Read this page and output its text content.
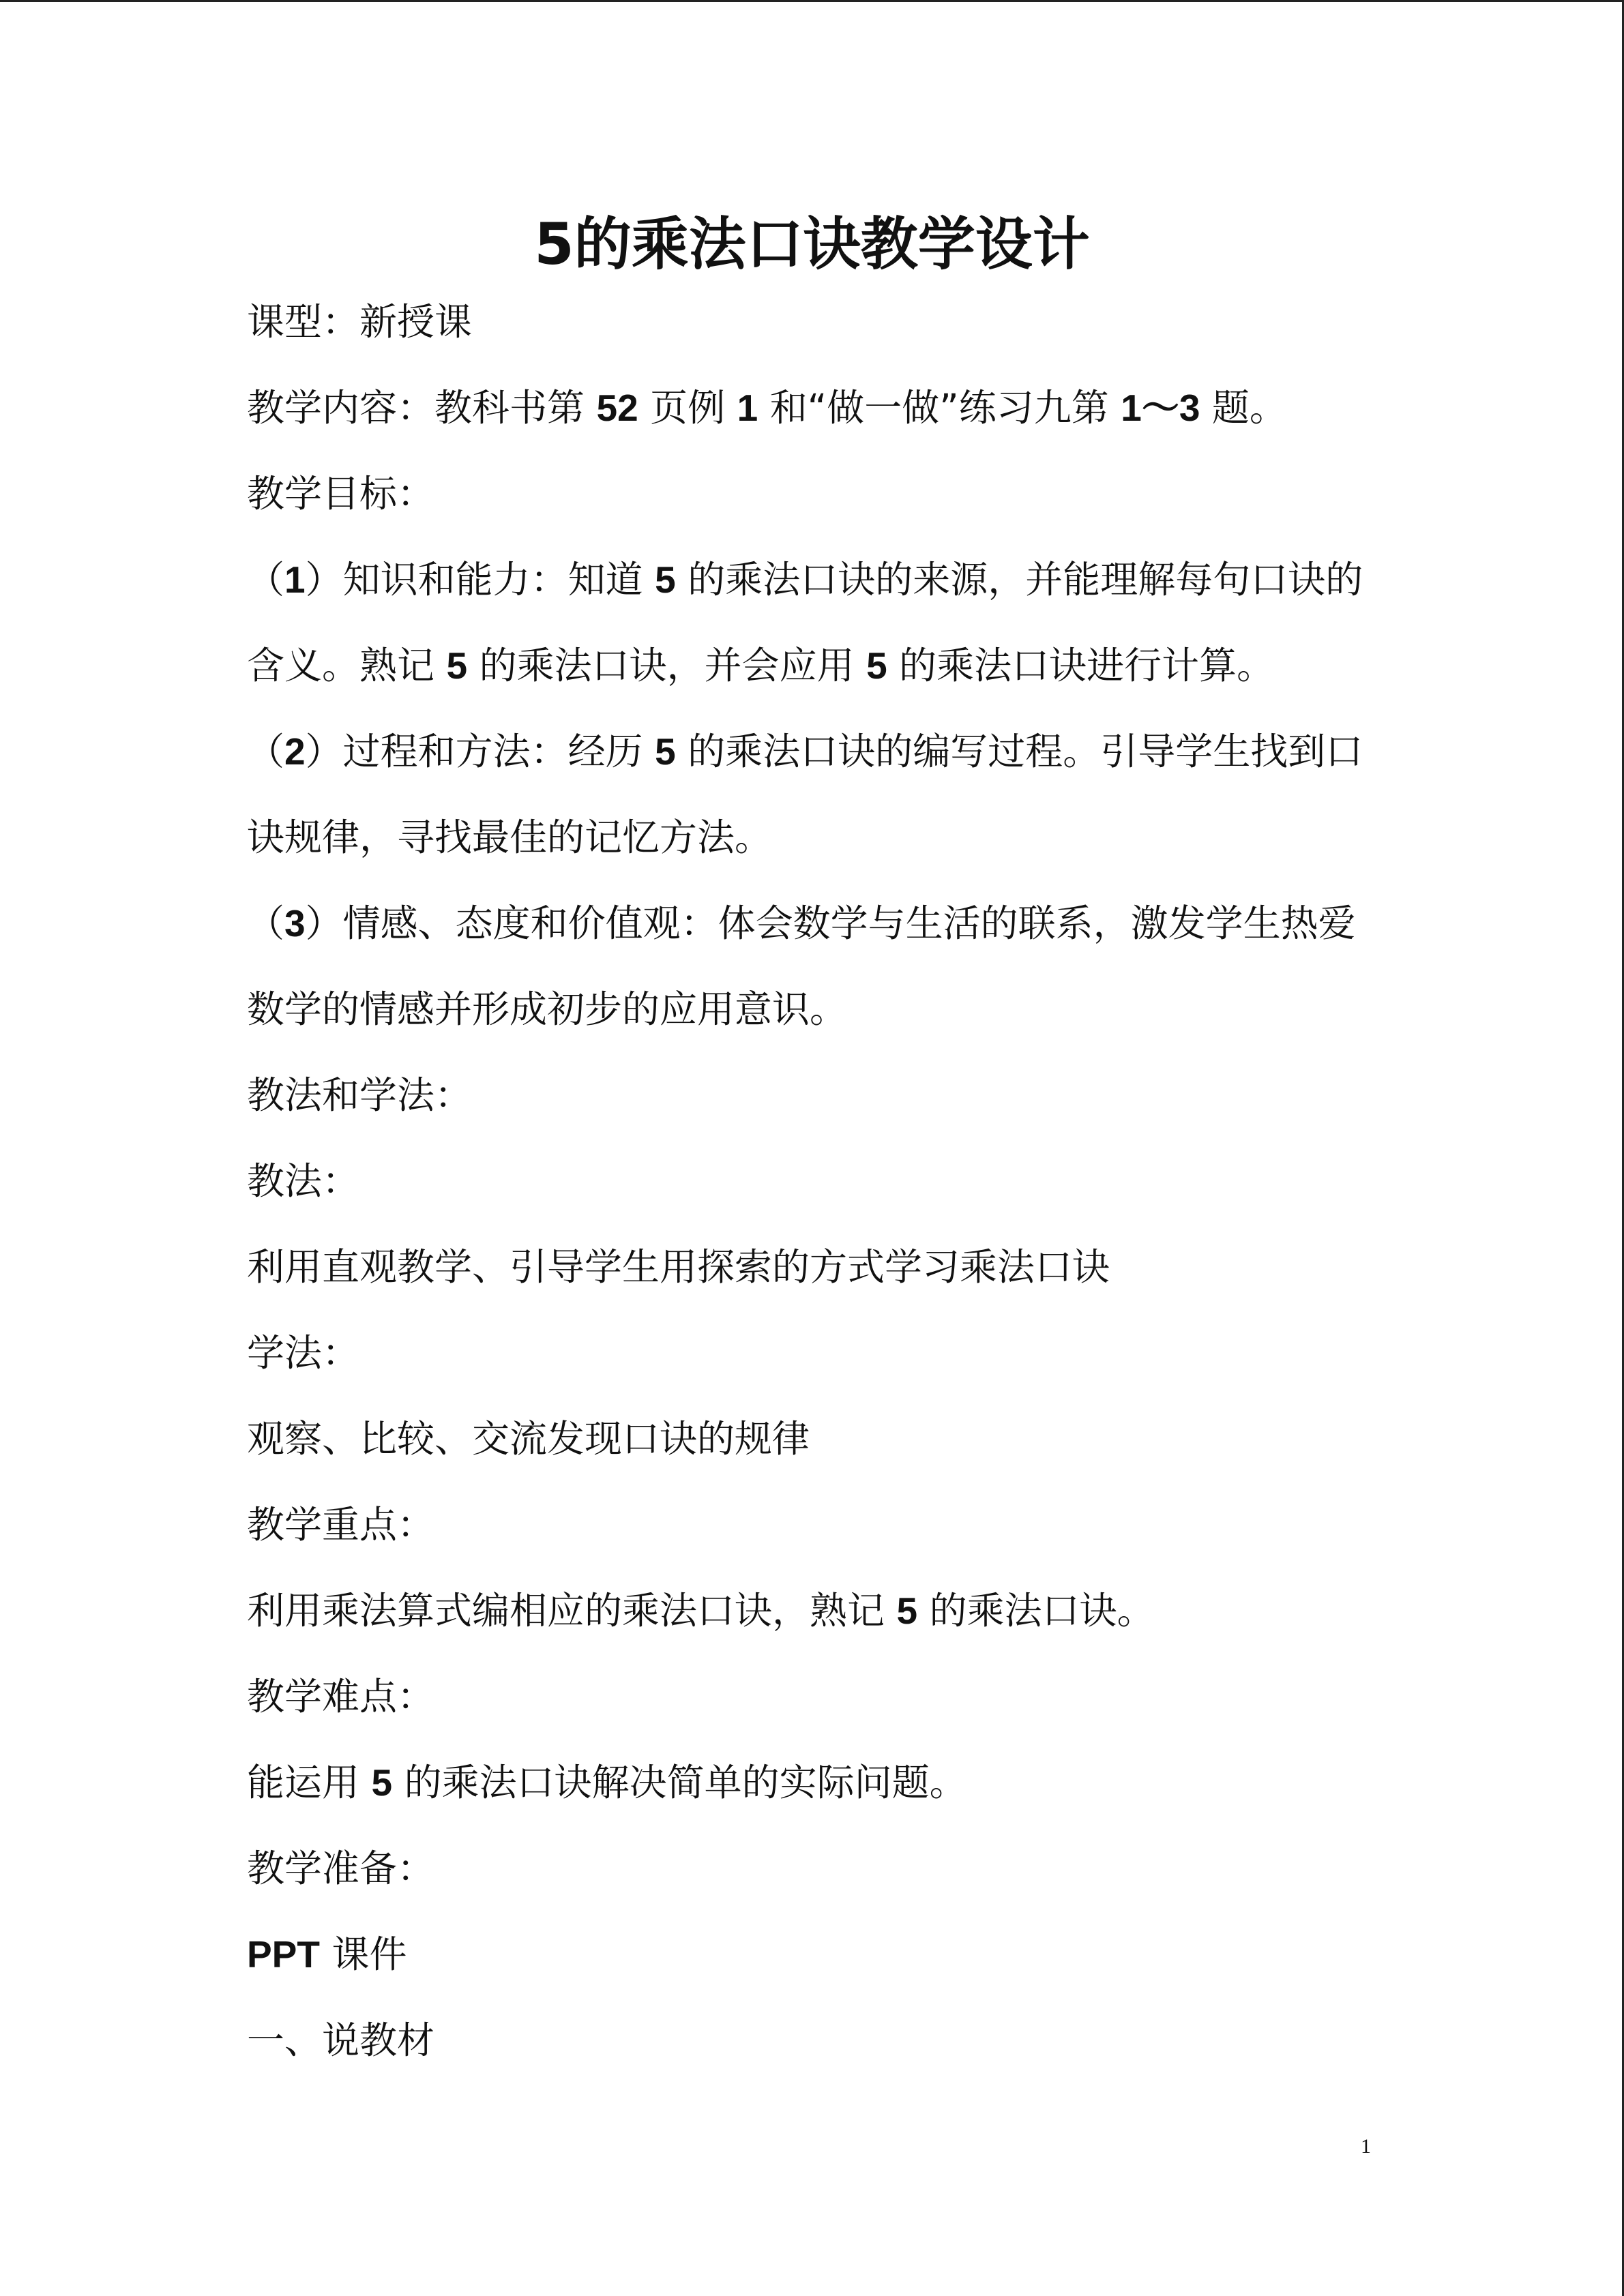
5的乘法口诀教学设计
课型：新授课
教学内容：教科书第 52 页例 1 和“做一做”练习九第 1～3 题。
教学目标：
（1）知识和能力：知道 5 的乘法口诀的来源，并能理解每句口诀的
含义。熟记 5 的乘法口诀，并会应用 5 的乘法口诀进行计算。
（2）过程和方法：经历 5 的乘法口诀的编写过程。引导学生找到口
诀规律，寻找最佳的记忆方法。
（3）情感、态度和价值观：体会数学与生活的联系，激发学生热爱
数学的情感并形成初步的应用意识。
教法和学法：
教法：
利用直观教学、引导学生用探索的方式学习乘法口诀
学法：
观察、比较、交流发现口诀的规律
教学重点：
利用乘法算式编相应的乘法口诀，熟记 5 的乘法口诀。
教学难点：
能运用 5 的乘法口诀解决简单的实际问题。
教学准备：
PPT 课件
一、说教材
1
